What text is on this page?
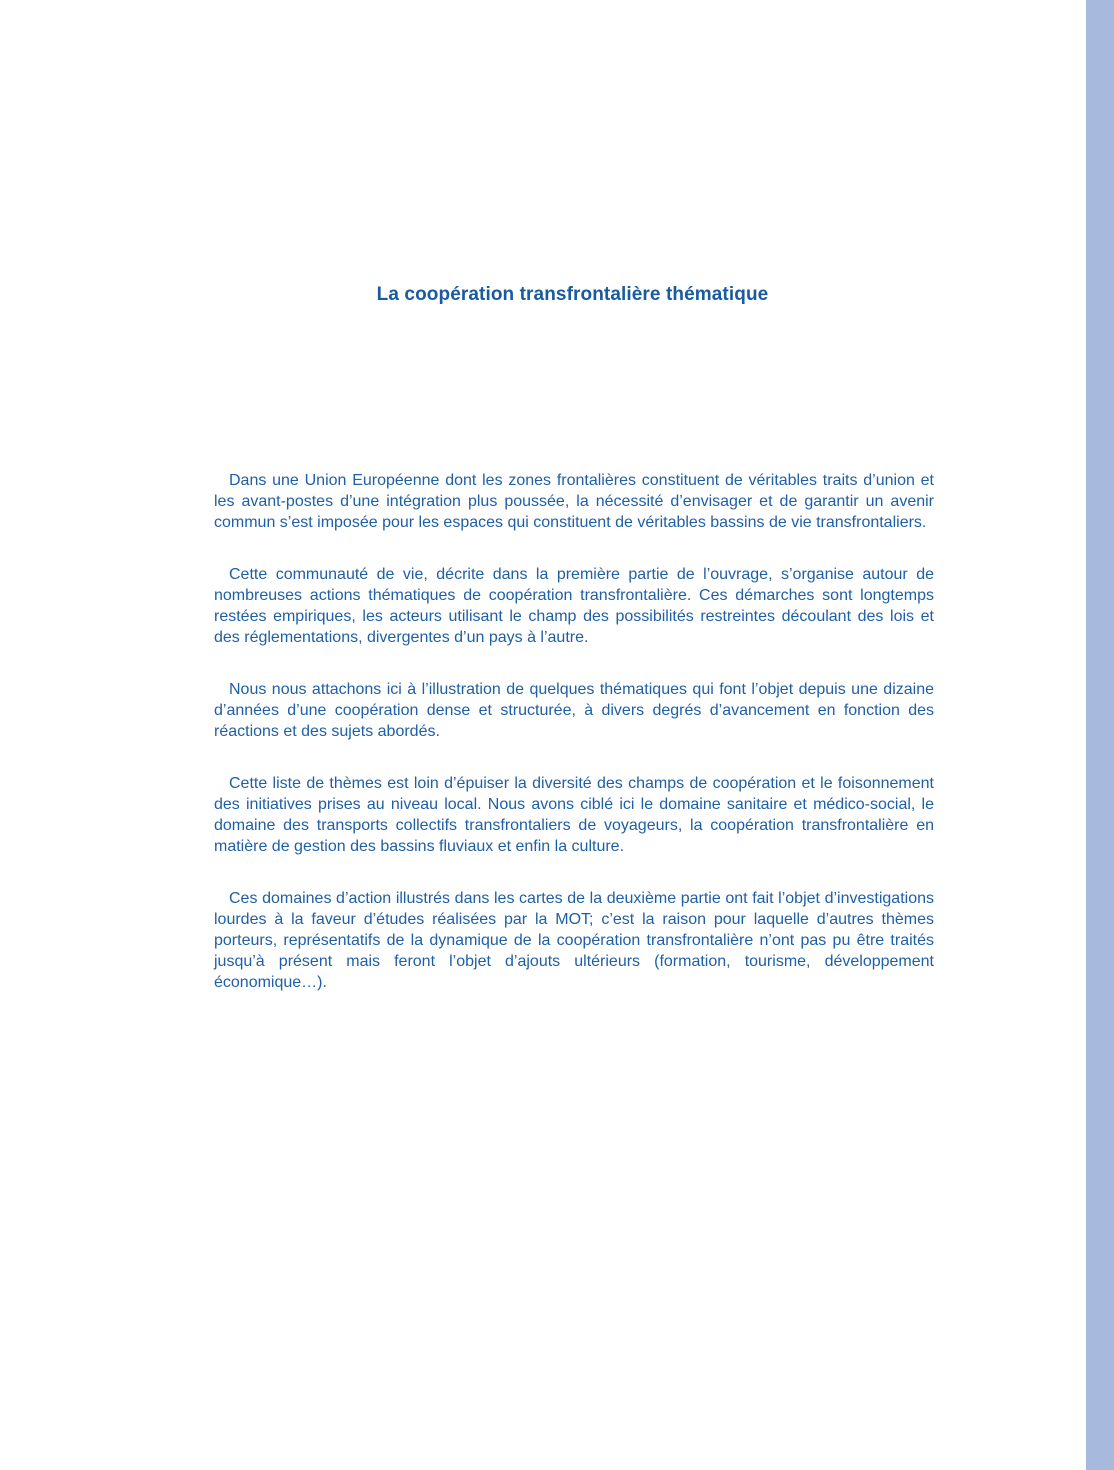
La coopération transfrontalière thématique

Dans une Union Européenne dont les zones frontalières constituent de véritables traits d’union et les avant-postes d’une intégration plus poussée, la nécessité d’envisager et de garantir un avenir commun s’est imposée pour les espaces qui constituent de véritables bassins de vie transfrontaliers.

Cette communauté de vie, décrite dans la première partie de l’ouvrage, s’organise autour de nombreuses actions thématiques de coopération transfrontalière. Ces démarches sont longtemps restées empiriques, les acteurs utilisant le champ des possibilités restreintes découlant des lois et des réglementations, divergentes d’un pays à l’autre.

Nous nous attachons ici à l’illustration de quelques thématiques qui font l’objet depuis une dizaine d’années d’une coopération dense et structurée, à divers degrés d’avancement en fonction des réactions et des sujets abordés.

Cette liste de thèmes est loin d’épuiser la diversité des champs de coopération et le foisonnement des initiatives prises au niveau local. Nous avons ciblé ici le domaine sanitaire et médico-social, le domaine des transports collectifs transfrontaliers de voyageurs, la coopération transfrontalière en matière de gestion des bassins fluviaux et enfin la culture.

Ces domaines d’action illustrés dans les cartes de la deuxième partie ont fait l’objet d’investigations lourdes à la faveur d’études réalisées par la MOT; c’est la raison pour laquelle d’autres thèmes porteurs, représentatifs de la dynamique de la coopération transfrontalière n’ont pas pu être traités jusqu’à présent mais feront l’objet d’ajouts ultérieurs (formation, tourisme, développement économique…).
